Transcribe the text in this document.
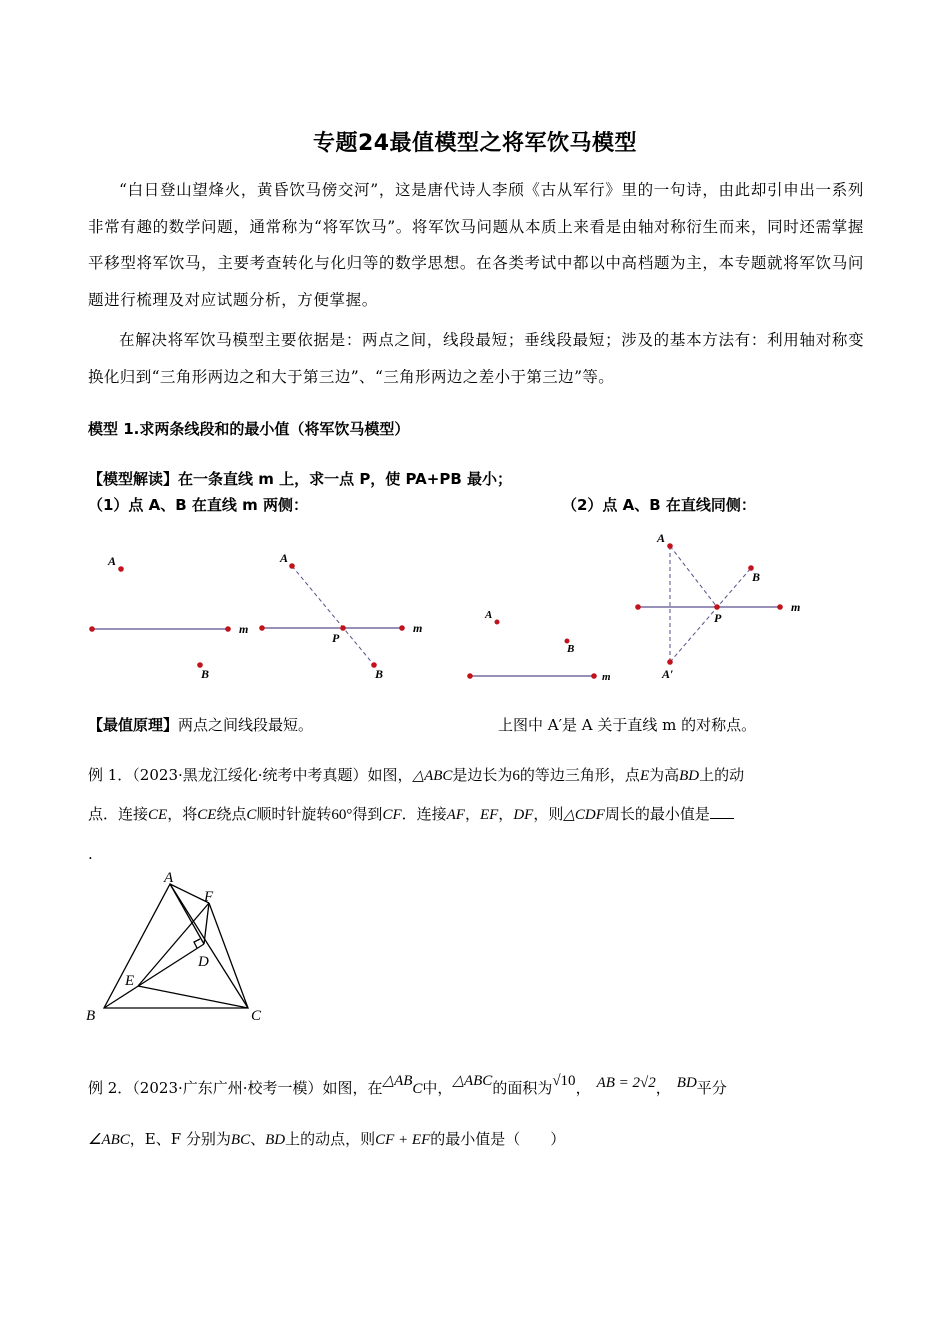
专题24最值模型之将军饮马模型
“白日登山望烽火，黄昏饮马傍交河”，这是唐代诗人李颀《古从军行》里的一句诗，由此却引申出一系列非常有趣的数学问题，通常称为“将军饮马”。将军饮马问题从本质上来看是由轴对称衍生而来，同时还需掌握平移型将军饮马，主要考查转化与化归等的数学思想。在各类考试中都以中高档题为主，本专题就将军饮马问题进行梳理及对应试题分析，方便掌握。
在解决将军饮马模型主要依据是：两点之间，线段最短；垂线段最短；涉及的基本方法有：利用轴对称变换化归到“三角形两边之和大于第三边”、“三角形两边之差小于第三边”等。
模型 1.求两条线段和的最小值（将军饮马模型）
【模型解读】在一条直线 m 上，求一点 P，使 PA+PB 最小；
（1）点 A、B 在直线 m 两侧：	（2）点 A、B 在直线同侧：
A
B
m
A
B
P
m
A
B
m
A
B
P
m
A′
【最值原理】两点之间线段最短。	上图中 A′是 A 关于直线 m 的对称点。
例 1．（2023·黑龙江绥化·统考中考真题）如图，△ABC是边长为6的等边三角形，点E为高BD上的动
点．连接CE，将CE绕点C顺时针旋转60°得到CF．连接AF，EF，DF，则△CDF周长的最小值是
.
A
F
D
E
B	C
例 2．（2023·广东广州·校考一模）如图，在△ABC中，△ABC的面积为√10， AB = 2√2， BD平分
∠ABC，E、F 分别为BC、BD上的动点，则CF + EF的最小值是（　　）
